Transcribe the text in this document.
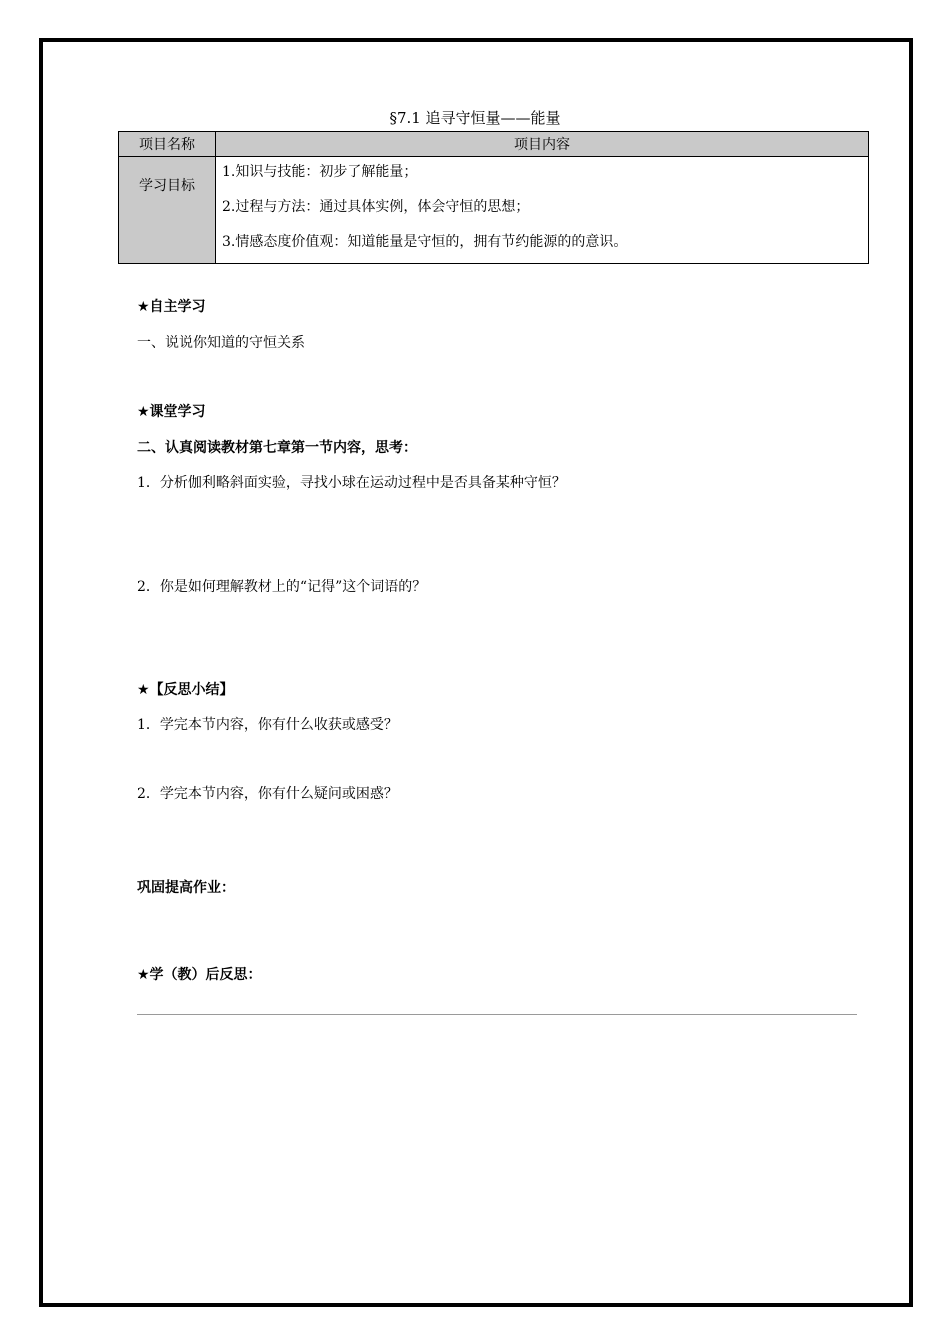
§7.1 追寻守恒量——能量
项目名称	项目内容
学习目标	1.知识与技能：初步了解能量；
2.过程与方法：通过具体实例，体会守恒的思想；
3.情感态度价值观：知道能量是守恒的，拥有节约能源的的意识。
★自主学习
一、说说你知道的守恒关系
★课堂学习
二、认真阅读教材第七章第一节内容，思考：
1．分析伽利略斜面实验，寻找小球在运动过程中是否具备某种守恒？
2．你是如何理解教材上的“记得”这个词语的？
★【反思小结】
1．学完本节内容，你有什么收获或感受？
2．学完本节内容，你有什么疑问或困惑？
巩固提高作业：
★学（教）后反思：
